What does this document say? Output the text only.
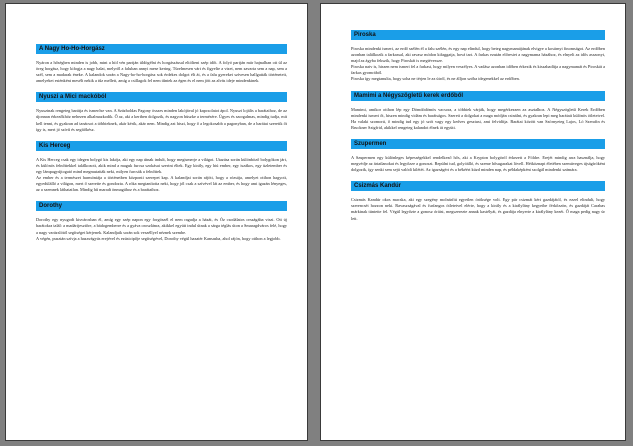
A Nagy Ho-Ho-Horgász

Nyáron a hőségben minden is jobb, mint a híd vén partján üldögélni és horgászással eltölteni szép időt. A folyó partján már hajnalban ott ül az öreg horgász, hogy kifogja a nagy halat, melyről a faluban annyi mese kering. Türelmesen várt és figyelte a vizet, nem zavarta sem a nap, sem a szél, sem a madarak éneke. A kalandok során a Nagy-ho-ho-horgász sok érdekes dolgot élt át, és a falu gyerekei szívesen hallgatták történeteit, amelyeket esténként mesélt nekik a tűz mellett, amíg a csillagok fel nem tűntek az égen és el nem jött az alvás ideje mindenkinek.

Nyuszi a Mici mackóból

Nyuszinak rengeteg barátja és ismerőse van. A Százholdas Pagony összes minden lakójával jó kapcsolatot ápol. Nyuszi lojális a barátaihoz, de az újonnan érkezőkhöz nehezen alkalmazkodik. Ő az, aki a kertben dolgozik, és nagyon büszke a termésére. Ügyes és szorgalmas, mindig tudja, mit kell tenni, és gyakran ad tanácsot a többieknek, akár kérik, akár nem. Mindig azt hiszi, hogy ő a legokosabb a pagonyban, de a barátai szeretik őt így is, mert jó szívű és segítőkész.

Kis Herceg

A Kis Herceg csak egy idegen bolygó kis lakója, aki egy nap útnak indult, hogy megismerje a világot. Utazása során különböző bolygókon járt, és különös felnőttekkel találkozott, akik mind a maguk furcsa szokásai szerint éltek. Egy király, egy hiú ember, egy iszákos, egy üzletember és egy lámpagyújtogató mind megmutatták neki, milyen furcsák a felnőttek.

Az ember és a természet harmóniája a történetben központi szerepet kap. A kalandjai során rájött, hogy a rózsája, amelyet otthon hagyott, egyedülálló a világon, mert ő szerette és gondozta. A róka megtanította neki, hogy jól csak a szívével lát az ember, és hogy ami igazán lényeges, az a szemnek láthatatlan. Mindig hű maradt önmagához és a barátaihoz.

Dorothy

Dorothy egy nyugodt kisvárosban él, amíg egy szép napon egy forgószél el nem ragadja a házát, és Óz csodálatos országába viszi. Ott új barátokra talál: a madárijesztőre, a bádogemberre és a gyáva oroszlánra, akikkel együtt indul útnak a sárga téglás úton a Smaragdváros felé, hogy a nagy varázslótól segítséget kérjenek. Kalandjaik során sok veszéllyel néznek szembe.

A végén, pusztán szívja a hazavágyás erejével és ezüstcipője segítségével, Dorothy végül hazatér Kansasba, ahol rájön, hogy otthon a legjobb.

Piroska

Piroska mindenki ismeri, az erdő szélén él a falu szélén, és egy nap elindul, hogy beteg nagymamájának elvigye a kosárnyi finomságot. Az erdőben azonban találkozik a farkassal, aki ravasz módon kifaggatja, hová tart. A farkas ezután előresiet a nagymama házához, és elnyeli az idős asszonyt, majd az ágyba fekszik, hogy Piroskát is megtévessze.

Piroska naiv is, hiszen nem ismeri fel a farkast, hogy milyen veszélyes. A vadász azonban időben érkezik és kiszabadítja a nagymamát és Piroskát a farkas gyomrából.

Piroska így megtanulta, hogy soha ne térjen le az útról, és ne álljon szóba idegenekkel az erdőben.

Mamimi a Négyszögletű kerek erdőből

Mamimi, amikor otthon lép egy Dömdödömös vacsora, a többiek várják, hogy megérkezzen az asztalhoz. A Négyszögletű Kerek Erdőben mindenki ismeri őt, hiszen mindig vidám és barátságos. Szereti a dolgokat a maga módján csinálni, és gyakran lepi meg barátait különös ötleteivel. Ha valaki szomorú, ő mindig tud egy jó szót vagy egy kedves gesztust, ami felvidítja. Barátai között van Szörnyeteg Lajos, Ló Szerafin és Bruckner Szigfrid, akikkel rengeteg kalandot élnek át együtt.

Szupermen

A Szupermen egy különleges képességekkel rendelkező hős, aki a Krypton bolygóról érkezett a Földre. Erejét mindig arra használja, hogy megvédje az ártatlanokat és legyőzze a gonoszt. Repülni tud, golyóálló, és szeme hősugarakat lövell. Hétköznapi életében szemüveges újságíróként dolgozik, így senki sem sejti valódi kilétét. Az igazságért és a békéért küzd minden nap, és példaképként szolgál mindenki számára.

Csizmás Kandúr

Csizmás Kandúr okos macska, aki egy szegény molnárfiú egyetlen öröksége volt. Egy pár csizmát kért gazdájától, és ezzel elindult, hogy szerencsét hozzon neki. Ravaszságával és furfangos ötleteivel elérte, hogy a király és a királylány kegyeibe férkőzzön, és gazdáját Carabas márkinak tüntette fel. Végül legyőzte a gonosz óriást, megszerezte annak kastélyát, és gazdája elnyerte a királylány kezét. Ő maga pedig nagy úr lett.
